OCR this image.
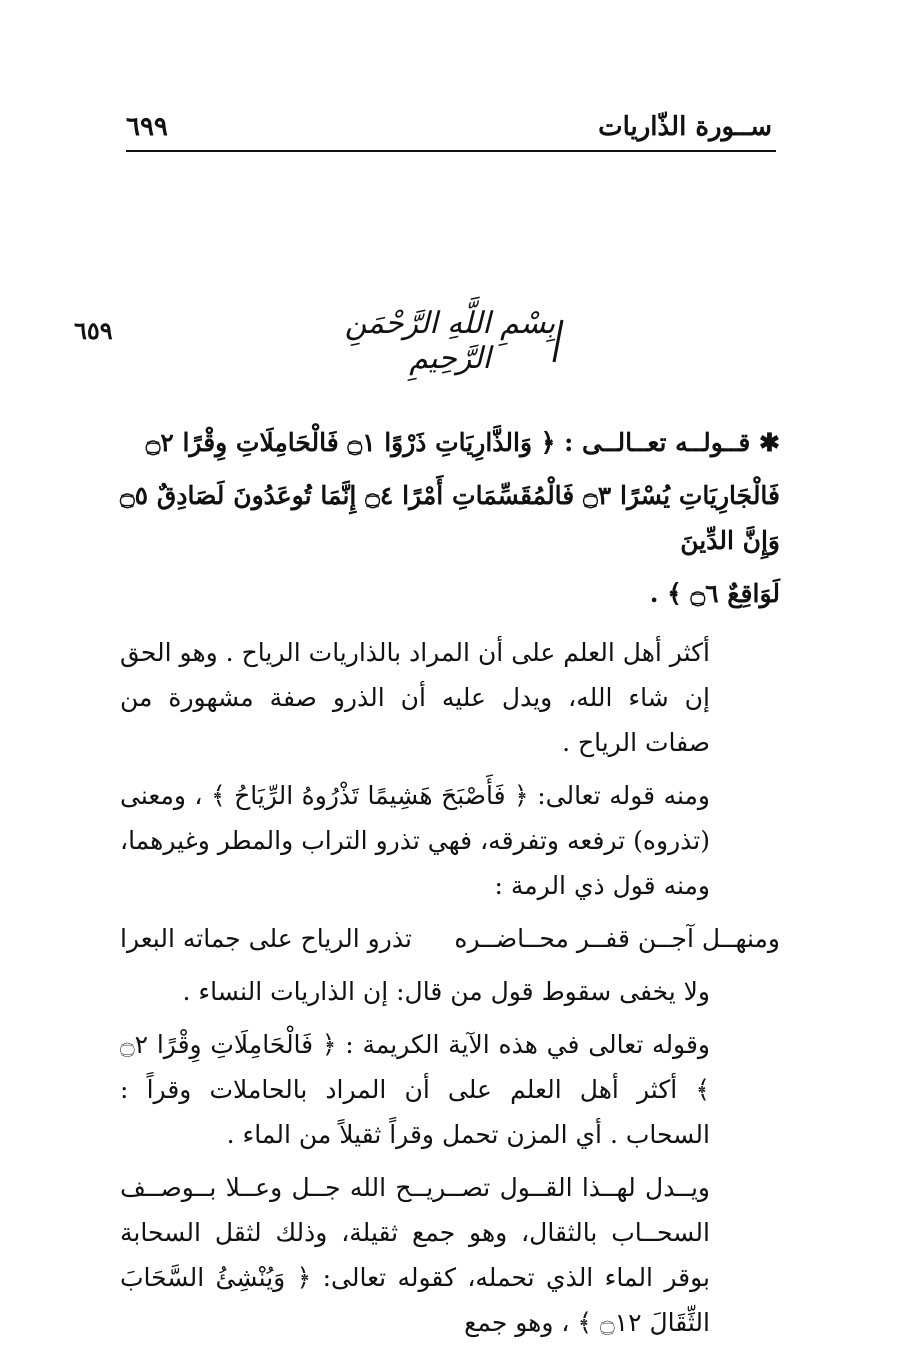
٦٩٩	ســورة الذّاريات
٦٥٩	بِسْمِ اللَّهِ الرَّحْمَنِ الرَّحِيمِ

✱ قــولــه تعــالــى : ﴿ وَالذَّارِيَاتِ ذَرْوًا ۝١ فَالْحَامِلَاتِ وِقْرًا ۝٢

فَالْجَارِيَاتِ يُسْرًا ۝٣ فَالْمُقَسِّمَاتِ أَمْرًا ۝٤ إِنَّمَا تُوعَدُونَ لَصَادِقٌ ۝٥ وَإِنَّ الدِّينَ

لَوَاقِعٌ ۝٦ ﴾ .

أكثر أهل العلم على أن المراد بالذاريات الرياح . وهو الحق إن شاء الله، ويدل عليه أن الذرو صفة مشهورة من صفات الرياح .

ومنه قوله تعالى: ﴿ فَأَصْبَحَ هَشِيمًا تَذْرُوهُ الرِّيَاحُ ﴾ ، ومعنى (تذروه) ترفعه وتفرقه، فهي تذرو التراب والمطر وغيرهما، ومنه قول ذي الرمة :

ومنهــل آجــن قفــر محــاضــره
تذرو الرياح على جماته البعرا

ولا يخفى سقوط قول من قال: إن الذاريات النساء .

وقوله تعالى في هذه الآية الكريمة : ﴿ فَالْحَامِلَاتِ وِقْرًا ۝٢ ﴾ أكثر أهل العلم على أن المراد بالحاملات وقراً : السحاب . أي المزن تحمل وقراً ثقيلاً من الماء .

ويــدل لهــذا القــول تصــريــح الله جــل وعــلا بــوصــف السحــاب بالثقال، وهو جمع ثقيلة، وذلك لثقل السحابة بوقر الماء الذي تحمله، كقوله تعالى: ﴿ وَيُنْشِئُ السَّحَابَ الثِّقَالَ ۝١٢ ﴾ ، وهو جمع
